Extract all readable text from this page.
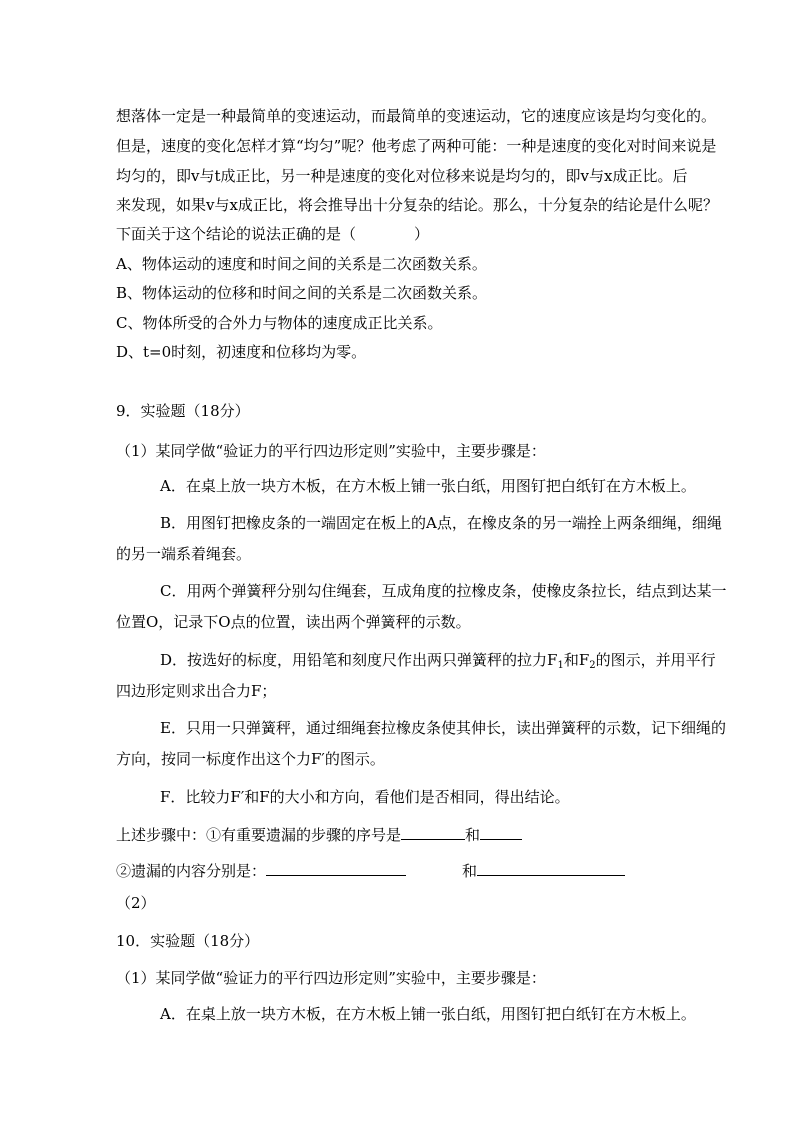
想落体一定是一种最简单的变速运动，而最简单的变速运动，它的速度应该是均匀变化的。
但是，速度的变化怎样才算“均匀”呢？他考虑了两种可能：一种是速度的变化对时间来说是
均匀的，即v与t成正比，另一种是速度的变化对位移来说是均匀的，即v与x成正比。后
来发现，如果v与x成正比，将会推导出十分复杂的结论。那么，十分复杂的结论是什么呢？
下面关于这个结论的说法正确的是（	）
A、物体运动的速度和时间之间的关系是二次函数关系。
B、物体运动的位移和时间之间的关系是二次函数关系。
C、物体所受的合外力与物体的速度成正比关系。
D、t=0时刻，初速度和位移均为零。
9．实验题（18分）
（1）某同学做“验证力的平行四边形定则”实验中，主要步骤是：
A．在桌上放一块方木板，在方木板上铺一张白纸，用图钉把白纸钉在方木板上。
B．用图钉把橡皮条的一端固定在板上的A点，在橡皮条的另一端拴上两条细绳，细绳
的另一端系着绳套。
C．用两个弹簧秤分别勾住绳套，互成角度的拉橡皮条，使橡皮条拉长，结点到达某一
位置O，记录下O点的位置，读出两个弹簧秤的示数。
D．按选好的标度，用铅笔和刻度尺作出两只弹簧秤的拉力$F_1$和$F_2$的图示，并用平行
四边形定则求出合力F；
E．只用一只弹簧秤，通过细绳套拉橡皮条使其伸长，读出弹簧秤的示数，记下细绳的
方向，按同一标度作出这个力F′的图示。
F．比较力F′和F的大小和方向，看他们是否相同，得出结论。
上述步骤中：①有重要遗漏的步骤的序号是	和
②遗漏的内容分别是：	和
（2）
10．实验题（18分）
（1）某同学做“验证力的平行四边形定则”实验中，主要步骤是：
A．在桌上放一块方木板，在方木板上铺一张白纸，用图钉把白纸钉在方木板上。
